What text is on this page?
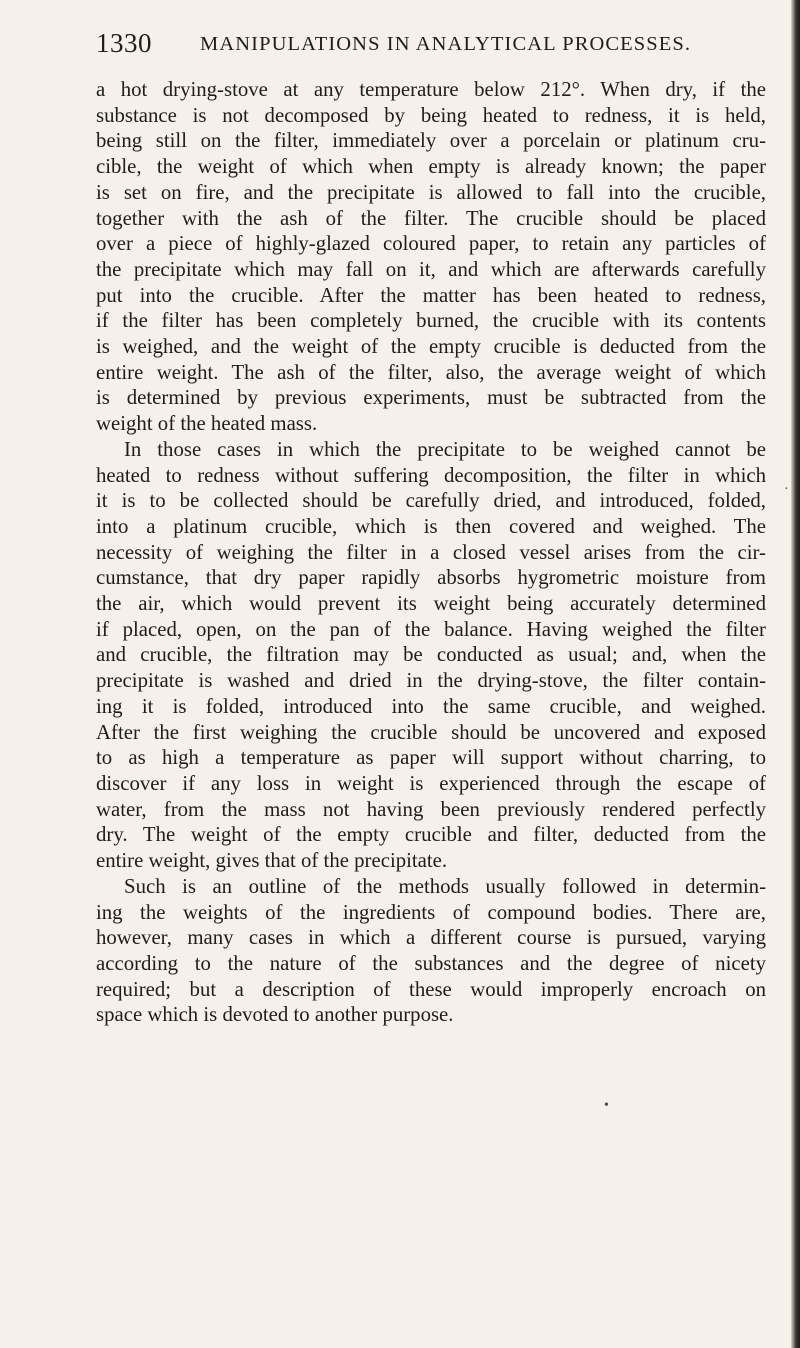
1330 MANIPULATIONS IN ANALYTICAL PROCESSES.

a hot drying-stove at any temperature below 212°. When dry, if the
substance is not decomposed by being heated to redness, it is held,
being still on the filter, immediately over a porcelain or platinum cru-
cible, the weight of which when empty is already known; the paper
is set on fire, and the precipitate is allowed to fall into the crucible,
together with the ash of the filter. The crucible should be placed
over a piece of highly-glazed coloured paper, to retain any particles of
the precipitate which may fall on it, and which are afterwards carefully
put into the crucible. After the matter has been heated to redness,
if the filter has been completely burned, the crucible with its contents
is weighed, and the weight of the empty crucible is deducted from the
entire weight. The ash of the filter, also, the average weight of which
is determined by previous experiments, must be subtracted from the
weight of the heated mass.

In those cases in which the precipitate to be weighed cannot be
heated to redness without suffering decomposition, the filter in which
it is to be collected should be carefully dried, and introduced, folded,
into a platinum crucible, which is then covered and weighed. The
necessity of weighing the filter in a closed vessel arises from the cir-
cumstance, that dry paper rapidly absorbs hygrometric moisture from
the air, which would prevent its weight being accurately determined
if placed, open, on the pan of the balance. Having weighed the filter
and crucible, the filtration may be conducted as usual; and, when the
precipitate is washed and dried in the drying-stove, the filter contain-
ing it is folded, introduced into the same crucible, and weighed.
After the first weighing the crucible should be uncovered and exposed
to as high a temperature as paper will support without charring, to
discover if any loss in weight is experienced through the escape of
water, from the mass not having been previously rendered perfectly
dry. The weight of the empty crucible and filter, deducted from the
entire weight, gives that of the precipitate.

Such is an outline of the methods usually followed in determin-
ing the weights of the ingredients of compound bodies. There are,
however, many cases in which a different course is pursued, varying
according to the nature of the substances and the degree of nicety
required; but a description of these would improperly encroach on
space which is devoted to another purpose.

·
•
